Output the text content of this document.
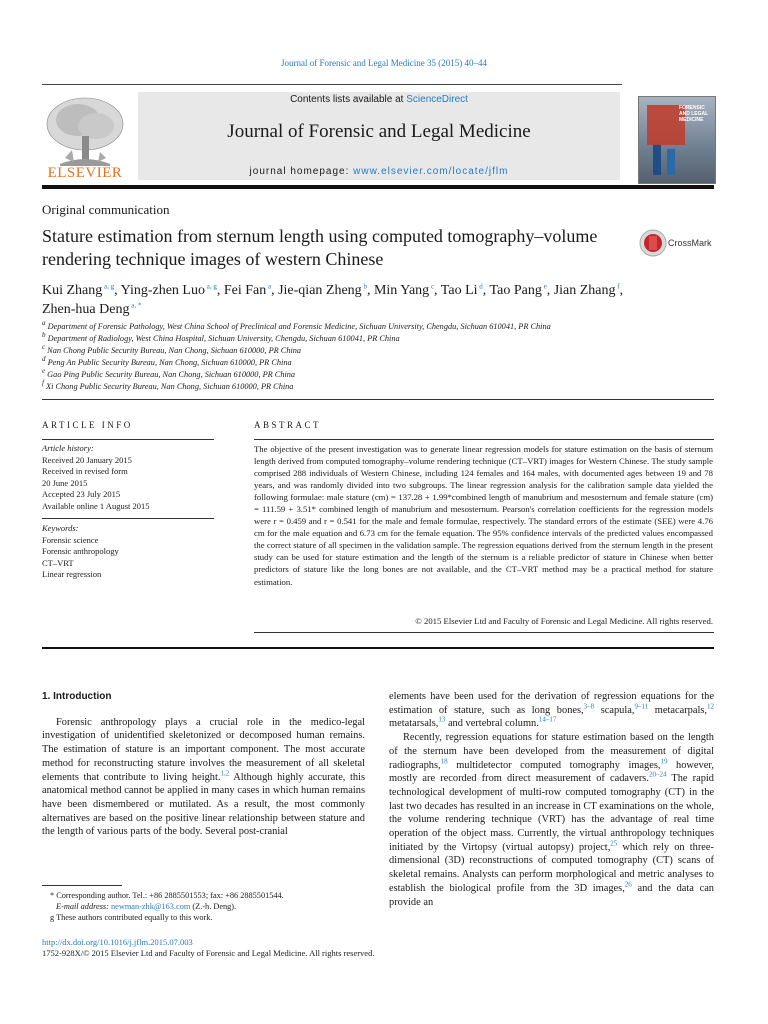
Journal of Forensic and Legal Medicine 35 (2015) 40–44
ELSEVIER
Contents lists available at ScienceDirect
Journal of Forensic and Legal Medicine
journal homepage: www.elsevier.com/locate/jflm
FORENSIC AND LEGAL MEDICINE
Original communication
Stature estimation from sternum length using computed tomography–volume rendering technique images of western Chinese
CrossMark
Kui Zhang $^{a, g}$, Ying-zhen Luo $^{a, g}$, Fei Fan $^a$, Jie-qian Zheng $^b$, Min Yang $^c$, Tao Li $^d$, Tao Pang $^e$, Jian Zhang $^f$, Zhen-hua Deng $^{a, *}$
$^a$ Department of Forensic Pathology, West China School of Preclinical and Forensic Medicine, Sichuan University, Chengdu, Sichuan 610041, PR China
$^b$ Department of Radiology, West China Hospital, Sichuan University, Chengdu, Sichuan 610041, PR China
$^c$ Nan Chong Public Security Bureau, Nan Chong, Sichuan 610000, PR China
$^d$ Peng An Public Security Bureau, Nan Chong, Sichuan 610000, PR China
$^e$ Gao Ping Public Security Bureau, Nan Chong, Sichuan 610000, PR China
$^f$ Xi Chong Public Security Bureau, Nan Chong, Sichuan 610000, PR China
ARTICLE INFO
Article history:
Received 20 January 2015
Received in revised form
20 June 2015
Accepted 23 July 2015
Available online 1 August 2015
Keywords:
Forensic science
Forensic anthropology
CT–VRT
Linear regression
ABSTRACT
The objective of the present investigation was to generate linear regression models for stature estimation on the basis of sternum length derived from computed tomography–volume rendering technique (CT–VRT) images for Western Chinese. The study sample comprised 288 individuals of Western Chinese, including 124 females and 164 males, with documented ages between 19 and 78 years, and was randomly divided into two subgroups. The linear regression analysis for the calibration sample data yielded the following formulae: male stature (cm) = 137.28 + 1.99*combined length of manubrium and mesosternum and female stature (cm) = 111.59 + 3.51* combined length of manubrium and mesosternum. Pearson's correlation coefficients for the regression models were r = 0.459 and r = 0.541 for the male and female formulae, respectively. The standard errors of the estimate (SEE) were 4.76 cm for the male equation and 6.73 cm for the female equation. The 95% confidence intervals of the predicted values encompassed the correct stature of all specimen in the validation sample. The regression equations derived from the sternum length in the present study can be used for stature estimation and the length of the sternum is a reliable predictor of stature in Chinese when better predictors of stature like the long bones are not available, and the CT–VRT method may be a practical method for stature estimation.
© 2015 Elsevier Ltd and Faculty of Forensic and Legal Medicine. All rights reserved.
1. Introduction

Forensic anthropology plays a crucial role in the medico-legal investigation of unidentified skeletonized or decomposed human remains. The estimation of stature is an important component. The most accurate method for reconstructing stature involves the measurement of all skeletal elements that contribute to living height.$^{1,2}$ Although highly accurate, this anatomical method cannot be applied in many cases in which human remains have been dismembered or mutilated. As a result, the most commonly alternatives are based on the positive linear relationship between stature and the length of various parts of the body. Several post-cranial

elements have been used for the derivation of regression equations for the estimation of stature, such as long bones,$^{3-8}$ scapula,$^{9-11}$ metacarpals,$^{12}$ metatarsals,$^{13}$ and vertebral column.$^{14-17}$

Recently, regression equations for stature estimation based on the length of the sternum have been developed from the measurement of digital radiographs,$^{18}$ multidetector computed tomography images,$^{19}$ however, mostly are recorded from direct measurement of cadavers.$^{20-24}$ The rapid technological development of multi-row computed tomography (CT) in the last two decades has resulted in an increase in CT examinations on the whole, the volume rendering technique (VRT) has the advantage of real time operation of the object mass. Currently, the virtual anthropology techniques initiated by the Virtopsy (virtual autopsy) project,$^{25}$ which rely on three-dimensional (3D) reconstructions of computed tomography (CT) scans of skeletal remains. Analysts can perform morphological and metric analyses to establish the biological profile from the 3D images,$^{26}$ and the data can provide an

* Corresponding author. Tel.: +86 2885501553; fax: +86 2885501544.
E-mail address: newman-zhk@163.com (Z.-h. Deng).
g These authors contributed equally to this work.
http://dx.doi.org/10.1016/j.jflm.2015.07.003
1752-928X/© 2015 Elsevier Ltd and Faculty of Forensic and Legal Medicine. All rights reserved.
